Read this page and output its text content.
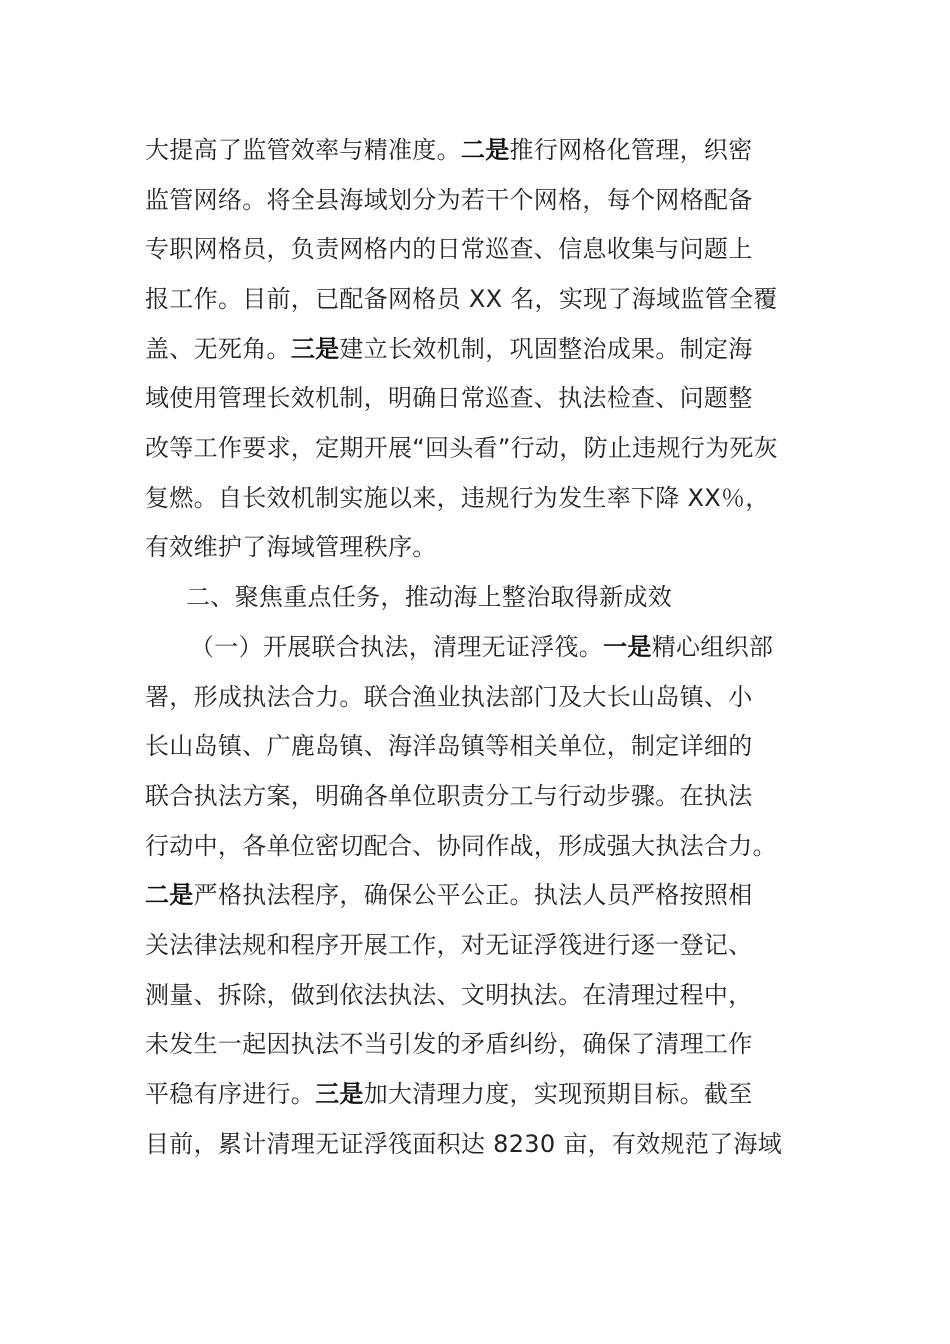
大提高了监管效率与精准度。二是推行网格化管理，织密
监管网络。将全县海域划分为若干个网格，每个网格配备
专职网格员，负责网格内的日常巡查、信息收集与问题上
报工作。目前，已配备网格员 XX 名，实现了海域监管全覆
盖、无死角。三是建立长效机制，巩固整治成果。制定海
域使用管理长效机制，明确日常巡查、执法检查、问题整
改等工作要求，定期开展“回头看”行动，防止违规行为死灰
复燃。自长效机制实施以来，违规行为发生率下降 XX％，
有效维护了海域管理秩序。
二、聚焦重点任务，推动海上整治取得新成效
（一）开展联合执法，清理无证浮筏。一是精心组织部
署，形成执法合力。联合渔业执法部门及大长山岛镇、小
长山岛镇、广鹿岛镇、海洋岛镇等相关单位，制定详细的
联合执法方案，明确各单位职责分工与行动步骤。在执法
行动中，各单位密切配合、协同作战，形成强大执法合力。
二是严格执法程序，确保公平公正。执法人员严格按照相
关法律法规和程序开展工作，对无证浮筏进行逐一登记、
测量、拆除，做到依法执法、文明执法。在清理过程中，
未发生一起因执法不当引发的矛盾纠纷，确保了清理工作
平稳有序进行。三是加大清理力度，实现预期目标。截至
目前，累计清理无证浮筏面积达 8230 亩，有效规范了海域
